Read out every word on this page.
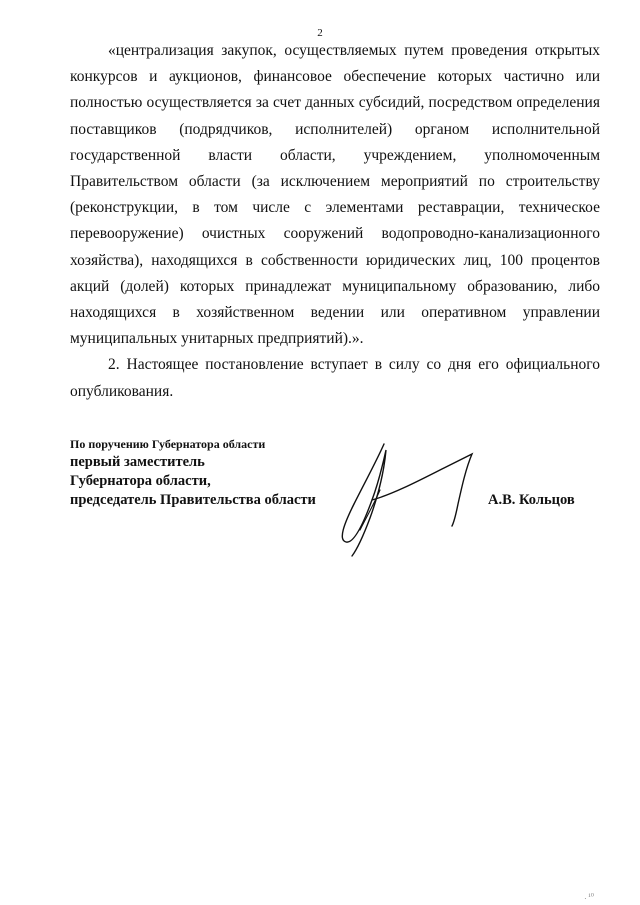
2

«централизация закупок, осуществляемых путем проведения открытых конкурсов и аукционов, финансовое обеспечение которых частично или полностью осуществляется за счет данных субсидий, посредством определения поставщиков (подрядчиков, исполнителей) органом исполнительной государственной власти области, учреждением, уполномоченным Правительством области (за исключением мероприятий по строительству (реконструкции, в том числе с элементами реставрации, техническое перевооружение) очистных сооружений водопроводно-канализационного хозяйства), находящихся в собственности юридических лиц, 100 процентов акций (долей) которых принадлежат муниципальному образованию, либо находящихся в хозяйственном ведении или оперативном управлении муниципальных унитарных предприятий).».

2. Настоящее постановление вступает в силу со дня его официального опубликования.

По поручению Губернатора области
первый заместитель
Губернатора области,
председатель Правительства области	А.В. Кольцов
. ¹⁰
